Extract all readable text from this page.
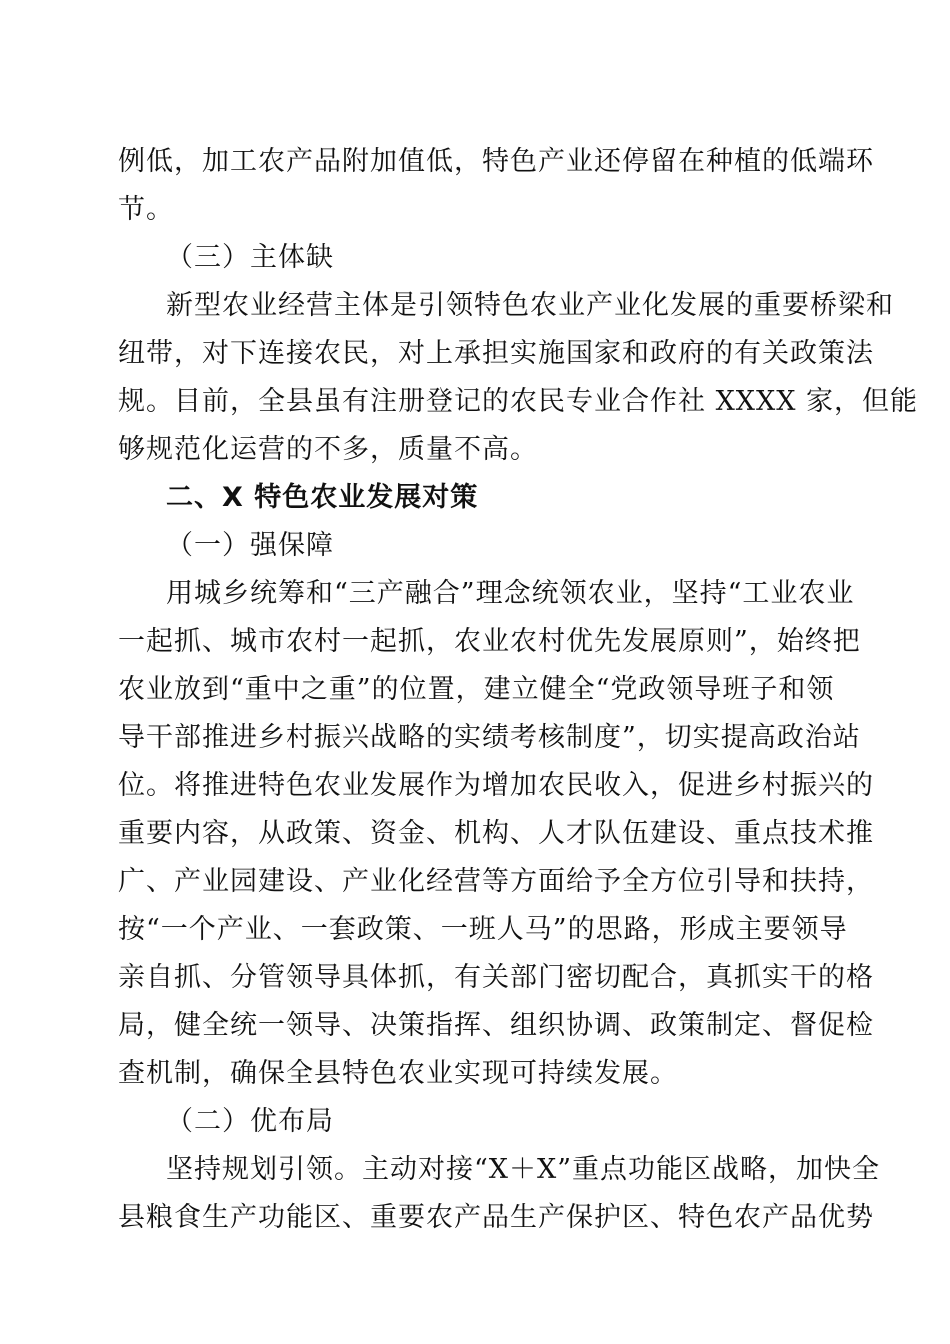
例低，加工农产品附加值低，特色产业还停留在种植的低端环
节。
（三）主体缺
新型农业经营主体是引领特色农业产业化发展的重要桥梁和
纽带，对下连接农民，对上承担实施国家和政府的有关政策法
规。目前，全县虽有注册登记的农民专业合作社 XXXX 家，但能
够规范化运营的不多，质量不高。
二、X 特色农业发展对策
（一）强保障
用城乡统筹和“三产融合”理念统领农业，坚持“工业农业
一起抓、城市农村一起抓，农业农村优先发展原则”，始终把
农业放到“重中之重”的位置，建立健全“党政领导班子和领
导干部推进乡村振兴战略的实绩考核制度”，切实提高政治站
位。将推进特色农业发展作为增加农民收入，促进乡村振兴的
重要内容，从政策、资金、机构、人才队伍建设、重点技术推
广、产业园建设、产业化经营等方面给予全方位引导和扶持，
按“一个产业、一套政策、一班人马”的思路，形成主要领导
亲自抓、分管领导具体抓，有关部门密切配合，真抓实干的格
局，健全统一领导、决策指挥、组织协调、政策制定、督促检
查机制，确保全县特色农业实现可持续发展。
（二）优布局
坚持规划引领。主动对接“X＋X”重点功能区战略，加快全
县粮食生产功能区、重要农产品生产保护区、特色农产品优势
